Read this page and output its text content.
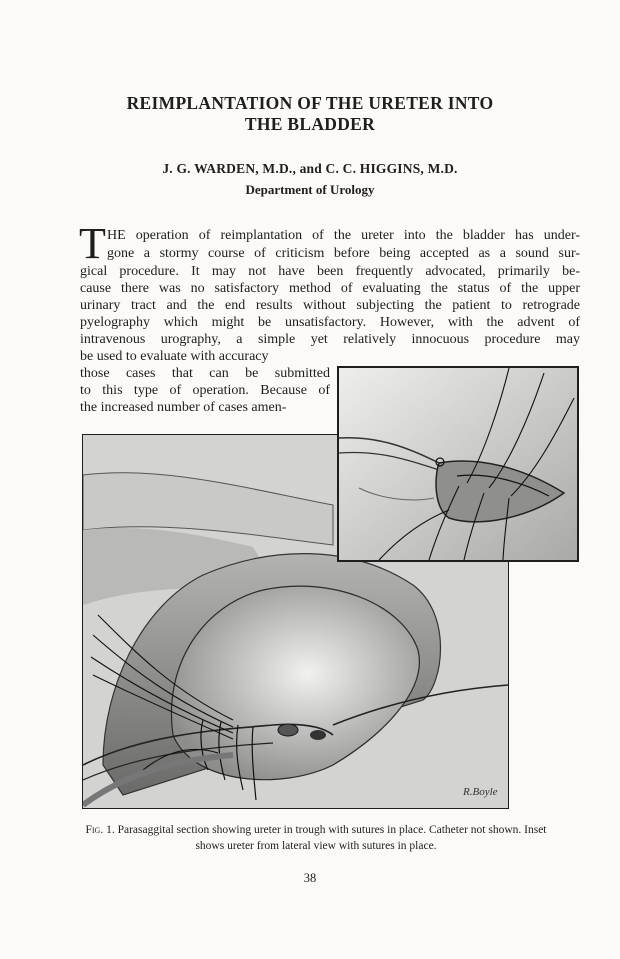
REIMPLANTATION OF THE URETER INTO
THE BLADDER
J. G. WARDEN, M.D., and C. C. HIGGINS, M.D.
Department of Urology
T HE operation of reimplantation of the ureter into the bladder has under-
gone a stormy course of criticism before being accepted as a sound sur-
gical procedure. It may not have been frequently advocated, primarily be-
cause there was no satisfactory method of evaluating the status of the upper
urinary tract and the end results without subjecting the patient to retrograde
pyelography which might be unsatisfactory. However, with the advent of
intravenous urography, a simple yet relatively innocuous procedure may
be used to evaluate with accuracy
those cases that can be submitted
to this type of operation. Because of
the increased number of cases amen-
R.Boyle
Fig. 1. Parasaggital section showing ureter in trough with sutures in place. Catheter not shown. Inset shows ureter from lateral view with sutures in place.
38
